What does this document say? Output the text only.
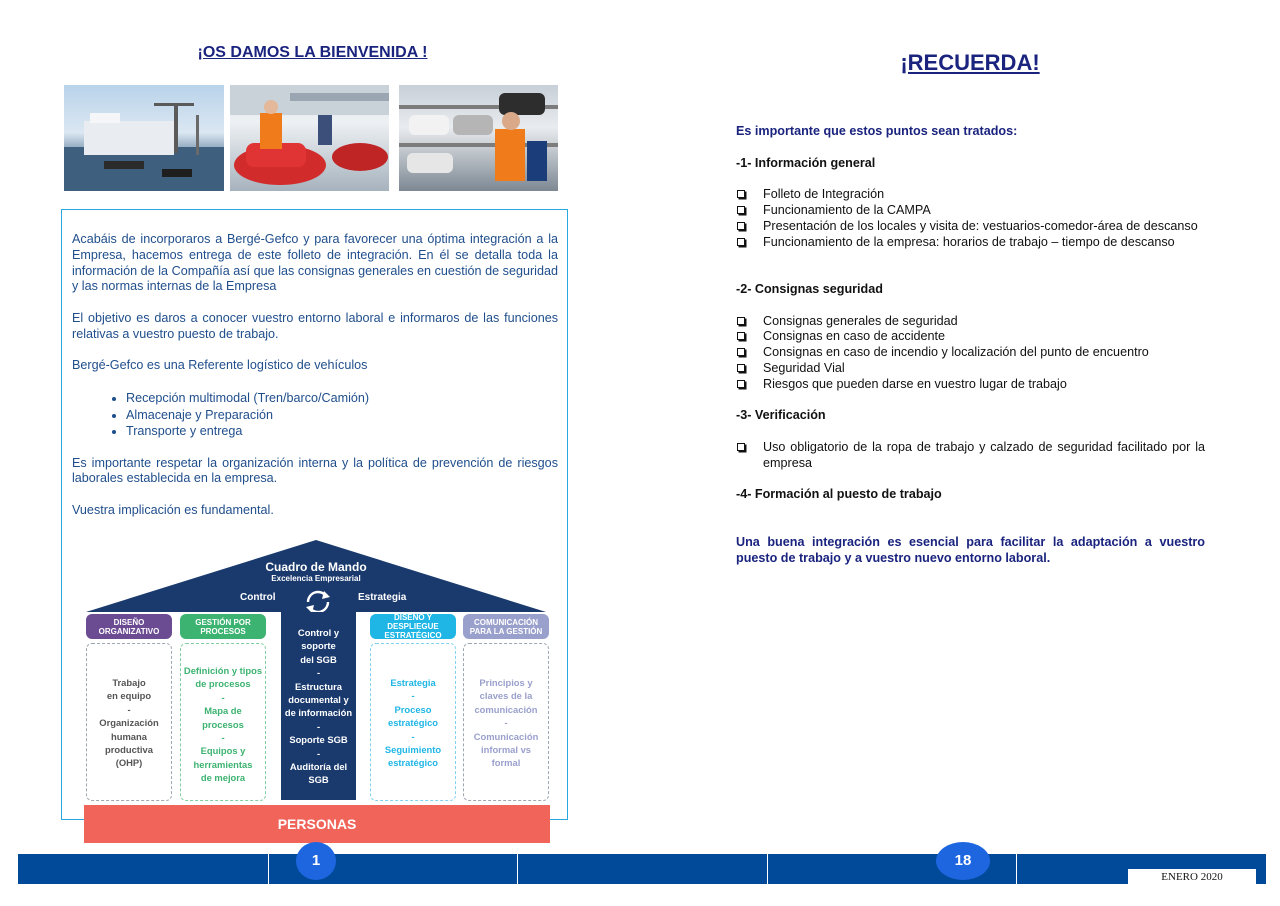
¡OS DAMOS LA BIENVENIDA !

Acabáis de incorporaros a Bergé-Gefco y para favorecer una óptima integración a la Empresa, hacemos entrega de este folleto de integración. En él se detalla toda la información de la Compañía así que las consignas generales en cuestión de seguridad y las normas internas de la Empresa

El objetivo es daros a conocer vuestro entorno laboral e informaros de las funciones relativas a vuestro puesto de trabajo.

Bergé-Gefco es una Referente logístico de vehículos

• Recepción multimodal (Tren/barco/Camión)
• Almacenaje y Preparación
• Transporte y entrega

Es importante respetar la organización interna y la política de prevención de riesgos laborales establecida en la empresa.

Vuestra implicación es fundamental.

Cuadro de Mando
Excelencia Empresarial
Control	Estrategia
Control y
soporte
del SGB
-
Estructura
documental y
de información
-
Soporte SGB
-
Auditoría del
SGB
DISEÑO ORGANIZATIVO
GESTIÓN POR PROCESOS
DISEÑO Y DESPLIEGUE ESTRATÉGICO
COMUNICACIÓN PARA LA GESTIÓN
Trabajo
en equipo
-
Organización
humana
productiva
(OHP)
Definición y tipos
de procesos
-
Mapa de
procesos
-
Equipos y
herramientas
de mejora
Estrategia
-
Proceso
estratégico
-
Seguimiento
estratégico
Principios y
claves de la
comunicación
-
Comunicación
informal vs
formal
PERSONAS
¡RECUERDA!
Es importante que estos puntos sean tratados:
-1- Información general
Folleto de Integración
Funcionamiento de la CAMPA
Presentación de los locales y visita de: vestuarios-comedor-área de descanso
Funcionamiento de la empresa: horarios de trabajo – tiempo de descanso
-2- Consignas seguridad
Consignas generales de seguridad
Consignas en caso de accidente
Consignas en caso de incendio y localización del punto de encuentro
Seguridad Vial
Riesgos que pueden darse en vuestro lugar de trabajo
-3- Verificación
Uso obligatorio de la ropa de trabajo y calzado de seguridad facilitado por la empresa
-4- Formación al puesto de trabajo
Una buena integración es esencial para facilitar la adaptación a vuestro puesto de trabajo y a vuestro nuevo entorno laboral.
1	18
ENERO 2020
